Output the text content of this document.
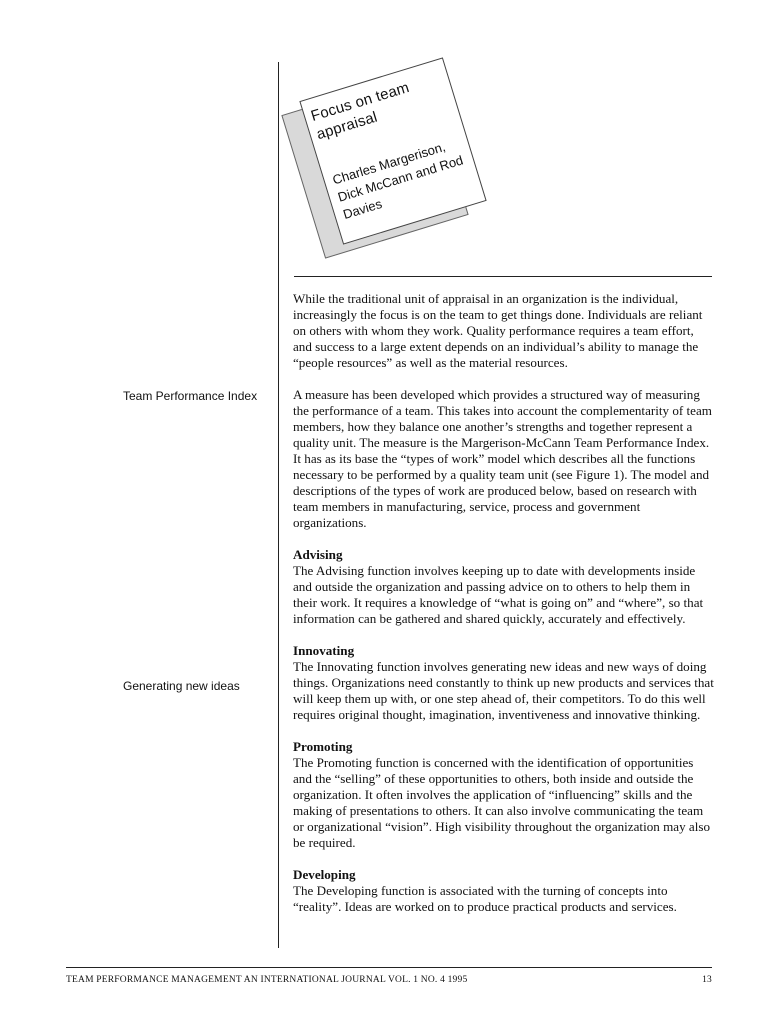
Focus on team appraisal
Charles Margerison, Dick McCann and Rod Davies
Team Performance Index
Generating new ideas

While the traditional unit of appraisal in an organization is the individual, increasingly the focus is on the team to get things done. Individuals are reliant on others with whom they work. Quality performance requires a team effort, and success to a large extent depends on an individual’s ability to manage the “people resources” as well as the material resources.

A measure has been developed which provides a structured way of measuring the performance of a team. This takes into account the complementarity of team members, how they balance one another’s strengths and together represent a quality unit. The measure is the Margerison-McCann Team Performance Index. It has as its base the “types of work” model which describes all the functions necessary to be performed by a quality team unit (see Figure 1). The model and descriptions of the types of work are produced below, based on research with team members in manufacturing, service, process and government organizations.

Advising

The Advising function involves keeping up to date with developments inside and outside the organization and passing advice on to others to help them in their work. It requires a knowledge of “what is going on” and “where”, so that information can be gathered and shared quickly, accurately and effectively.

Innovating

The Innovating function involves generating new ideas and new ways of doing things. Organizations need constantly to think up new products and services that will keep them up with, or one step ahead of, their competitors. To do this well requires original thought, imagination, inventiveness and innovative thinking.

Promoting

The Promoting function is concerned with the identification of opportunities and the “selling” of these opportunities to others, both inside and outside the organization. It often involves the application of “influencing” skills and the making of presentations to others. It can also involve communicating the team or organizational “vision”. High visibility throughout the organization may also be required.

Developing

The Developing function is associated with the turning of concepts into “reality”. Ideas are worked on to produce practical products and services.

TEAM PERFORMANCE MANAGEMENT AN INTERNATIONAL JOURNAL VOL. 1 NO. 4 1995	13
